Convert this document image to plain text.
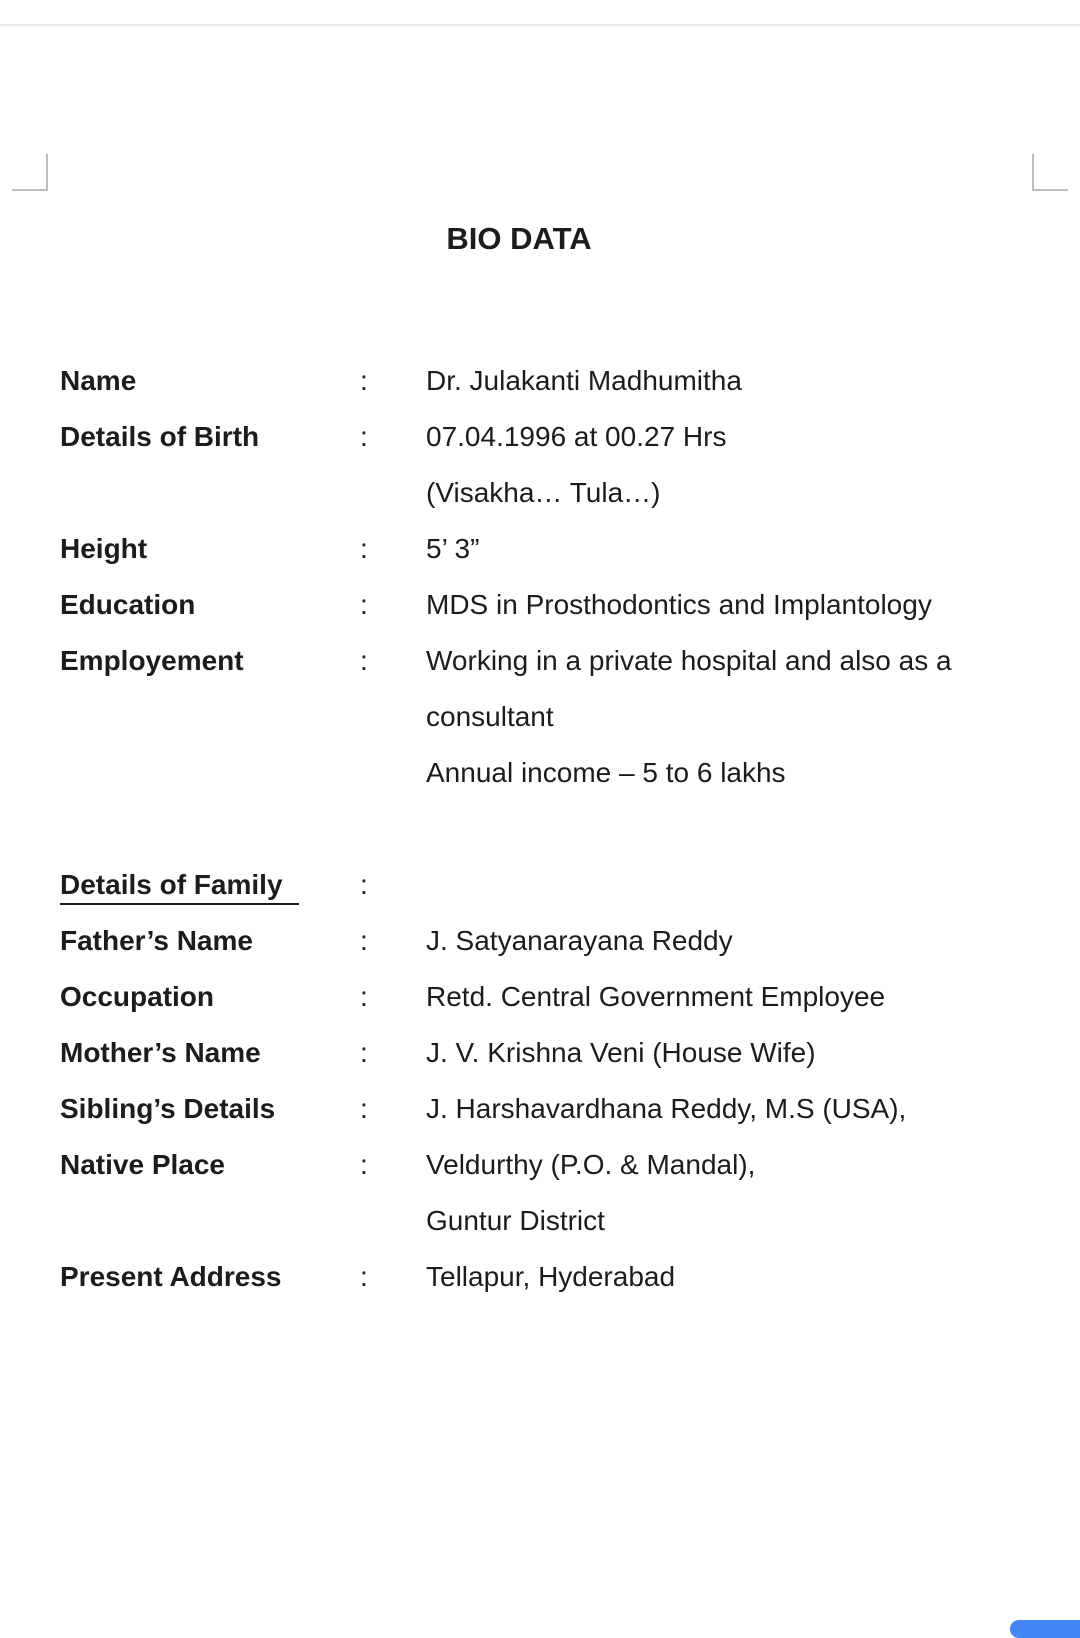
BIO DATA
Name	:	Dr. Julakanti Madhumitha
Details of Birth	:	07.04.1996 at 00.27 Hrs
(Visakha… Tula…)
Height	:	5’ 3”
Education	:	MDS in Prosthodontics and Implantology
Employement	:	Working in a private hospital and also as a
consultant
Annual income – 5 to 6 lakhs
Details of Family	:
Father’s Name	:	J. Satyanarayana Reddy
Occupation	:	Retd. Central Government Employee
Mother’s Name	:	J. V. Krishna Veni (House Wife)
Sibling’s Details	:	J. Harshavardhana Reddy, M.S (USA),
Native Place	:	Veldurthy (P.O. & Mandal),
Guntur District
Present Address	:	Tellapur, Hyderabad
